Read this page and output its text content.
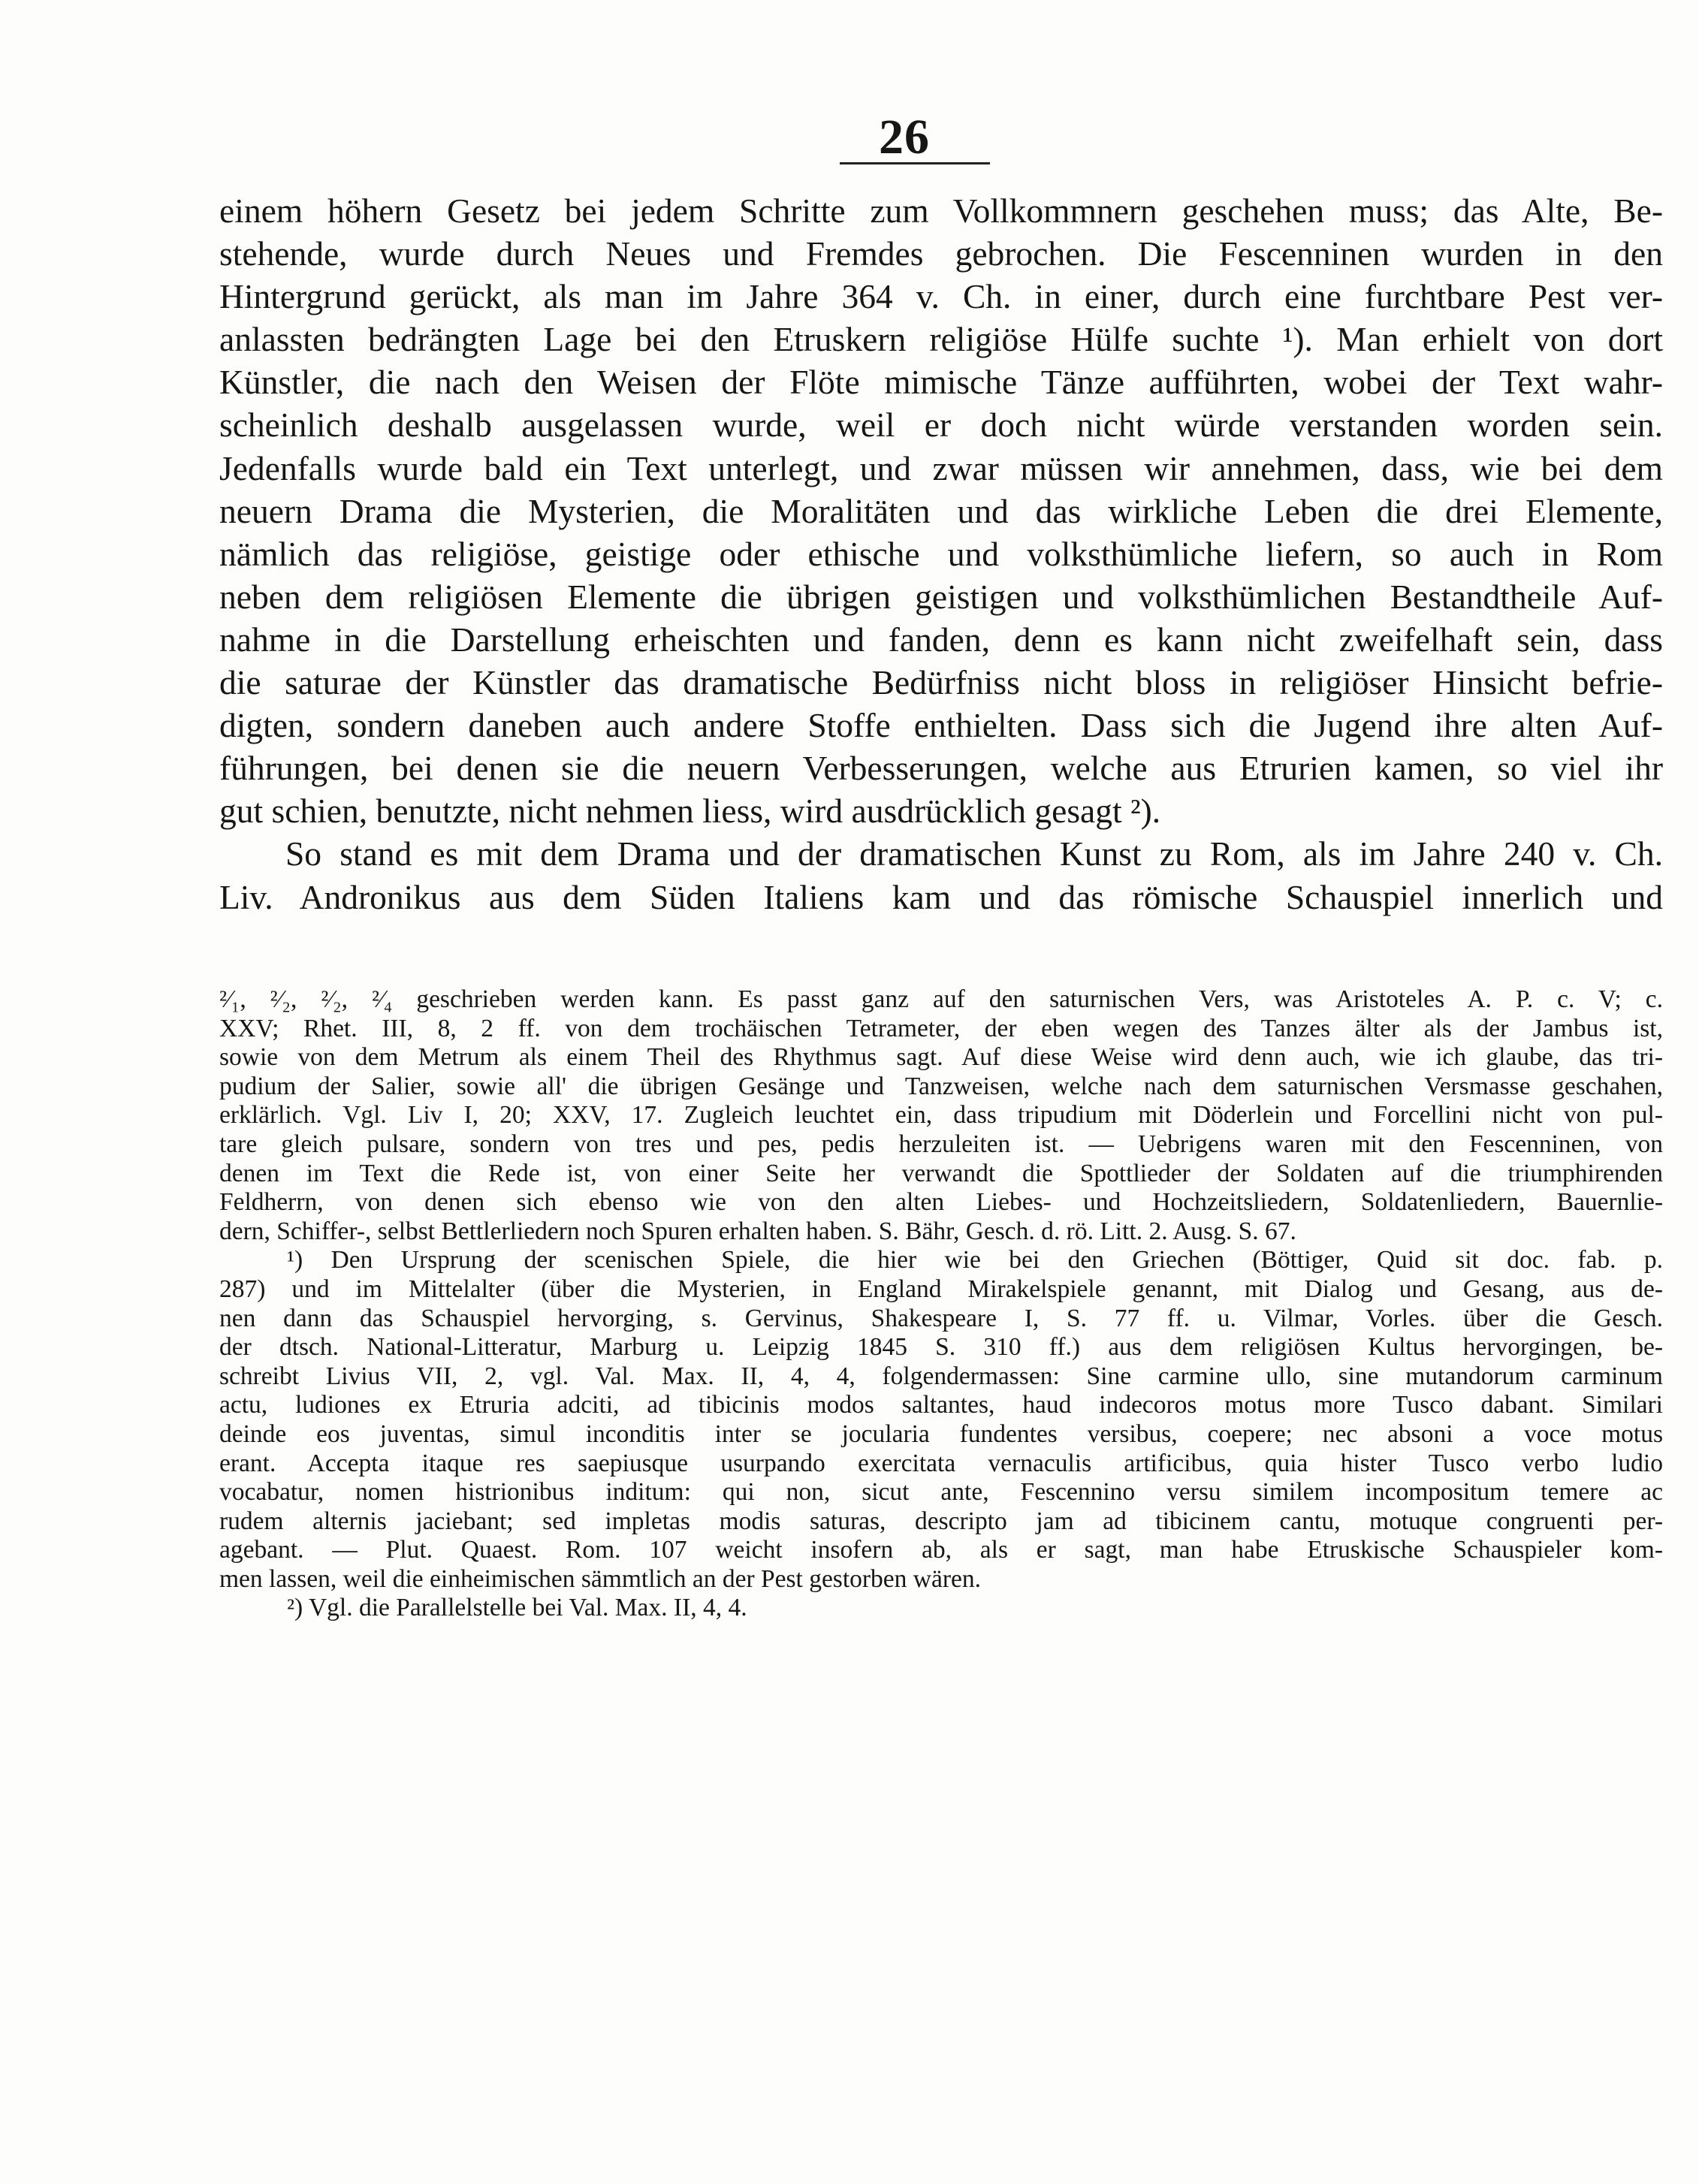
26
einem höhern Gesetz bei jedem Schritte zum Vollkommnern geschehen muss; das Alte, Be-
stehende, wurde durch Neues und Fremdes gebrochen. Die Fescenninen wurden in den
Hintergrund gerückt, als man im Jahre 364 v. Ch. in einer, durch eine furchtbare Pest ver-
anlassten bedrängten Lage bei den Etruskern religiöse Hülfe suchte ¹). Man erhielt von dort
Künstler, die nach den Weisen der Flöte mimische Tänze aufführten, wobei der Text wahr-
scheinlich deshalb ausgelassen wurde, weil er doch nicht würde verstanden worden sein.
Jedenfalls wurde bald ein Text unterlegt, und zwar müssen wir annehmen, dass, wie bei dem
neuern Drama die Mysterien, die Moralitäten und das wirkliche Leben die drei Elemente,
nämlich das religiöse, geistige oder ethische und volksthümliche liefern, so auch in Rom
neben dem religiösen Elemente die übrigen geistigen und volksthümlichen Bestandtheile Auf-
nahme in die Darstellung erheischten und fanden, denn es kann nicht zweifelhaft sein, dass
die saturae der Künstler das dramatische Bedürfniss nicht bloss in religiöser Hinsicht befrie-
digten, sondern daneben auch andere Stoffe enthielten. Dass sich die Jugend ihre alten Auf-
führungen, bei denen sie die neuern Verbesserungen, welche aus Etrurien kamen, so viel ihr
gut schien, benutzte, nicht nehmen liess, wird ausdrücklich gesagt ²).
So stand es mit dem Drama und der dramatischen Kunst zu Rom, als im Jahre 240 v. Ch.
Liv. Andronikus aus dem Süden Italiens kam und das römische Schauspiel innerlich und
²⁄₁, ²⁄₂, ²⁄₂, ²⁄₄ geschrieben werden kann. Es passt ganz auf den saturnischen Vers, was Aristoteles A. P. c. V; c.
XXV; Rhet. III, 8, 2 ff. von dem trochäischen Tetrameter, der eben wegen des Tanzes älter als der Jambus ist,
sowie von dem Metrum als einem Theil des Rhythmus sagt. Auf diese Weise wird denn auch, wie ich glaube, das tri-
pudium der Salier, sowie all' die übrigen Gesänge und Tanzweisen, welche nach dem saturnischen Versmasse geschahen,
erklärlich. Vgl. Liv I, 20; XXV, 17. Zugleich leuchtet ein, dass tripudium mit Döderlein und Forcellini nicht von pul-
tare gleich pulsare, sondern von tres und pes, pedis herzuleiten ist. — Uebrigens waren mit den Fescenninen, von
denen im Text die Rede ist, von einer Seite her verwandt die Spottlieder der Soldaten auf die triumphirenden
Feldherrn, von denen sich ebenso wie von den alten Liebes- und Hochzeitsliedern, Soldatenliedern, Bauernlie-
dern, Schiffer-, selbst Bettlerliedern noch Spuren erhalten haben. S. Bähr, Gesch. d. rö. Litt. 2. Ausg. S. 67.
¹) Den Ursprung der scenischen Spiele, die hier wie bei den Griechen (Böttiger, Quid sit doc. fab. p.
287) und im Mittelalter (über die Mysterien, in England Mirakelspiele genannt, mit Dialog und Gesang, aus de-
nen dann das Schauspiel hervorging, s. Gervinus, Shakespeare I, S. 77 ff. u. Vilmar, Vorles. über die Gesch.
der dtsch. National-Litteratur, Marburg u. Leipzig 1845 S. 310 ff.) aus dem religiösen Kultus hervorgingen, be-
schreibt Livius VII, 2, vgl. Val. Max. II, 4, 4, folgendermassen: Sine carmine ullo, sine mutandorum carminum
actu, ludiones ex Etruria adciti, ad tibicinis modos saltantes, haud indecoros motus more Tusco dabant. Similari
deinde eos juventas, simul inconditis inter se jocularia fundentes versibus, coepere; nec absoni a voce motus
erant. Accepta itaque res saepiusque usurpando exercitata vernaculis artificibus, quia hister Tusco verbo ludio
vocabatur, nomen histrionibus inditum: qui non, sicut ante, Fescennino versu similem incompositum temere ac
rudem alternis jaciebant; sed impletas modis saturas, descripto jam ad tibicinem cantu, motuque congruenti per-
agebant. — Plut. Quaest. Rom. 107 weicht insofern ab, als er sagt, man habe Etruskische Schauspieler kom-
men lassen, weil die einheimischen sämmtlich an der Pest gestorben wären.
²) Vgl. die Parallelstelle bei Val. Max. II, 4, 4.
